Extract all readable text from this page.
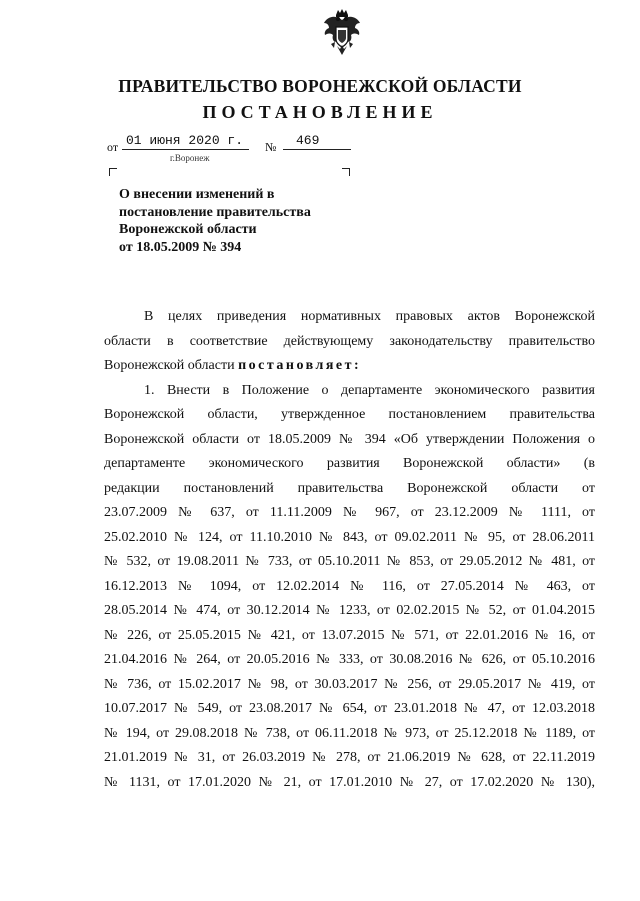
ПРАВИТЕЛЬСТВО ВОРОНЕЖСКОЙ ОБЛАСТИ
ПОСТАНОВЛЕНИЕ
от 01 июня 2020 г. № 469
г.Воронеж
О внесении изменений в
постановление правительства
Воронежской области
от 18.05.2009 № 394

В целях приведения нормативных правовых актов Воронежской

области в соответствие действующему законодательству правительство

Воронежской области постановляет:

1. Внести в Положение о департаменте экономического развития

Воронежской области, утвержденное постановлением правительства

Воронежской области от 18.05.2009 № 394 «Об утверждении Положения о

департаменте экономического развития Воронежской области» (в

редакции постановлений правительства Воронежской области от

23.07.2009 № 637, от 11.11.2009 № 967, от 23.12.2009 № 1111, от

25.02.2010 № 124, от 11.10.2010 № 843, от 09.02.2011 № 95, от 28.06.2011

№ 532, от 19.08.2011 № 733, от 05.10.2011 № 853, от 29.05.2012 № 481, от

16.12.2013 № 1094, от 12.02.2014 № 116, от 27.05.2014 № 463, от

28.05.2014 № 474, от 30.12.2014 № 1233, от 02.02.2015 № 52, от 01.04.2015

№ 226, от 25.05.2015 № 421, от 13.07.2015 № 571, от 22.01.2016 № 16, от

21.04.2016 № 264, от 20.05.2016 № 333, от 30.08.2016 № 626, от 05.10.2016

№ 736, от 15.02.2017 № 98, от 30.03.2017 № 256, от 29.05.2017 № 419, от

10.07.2017 № 549, от 23.08.2017 № 654, от 23.01.2018 № 47, от 12.03.2018

№ 194, от 29.08.2018 № 738, от 06.11.2018 № 973, от 25.12.2018 № 1189, от

21.01.2019 № 31, от 26.03.2019 № 278, от 21.06.2019 № 628, от 22.11.2019

№ 1131, от 17.01.2020 № 21, от 17.01.2010 № 27, от 17.02.2020 № 130),
